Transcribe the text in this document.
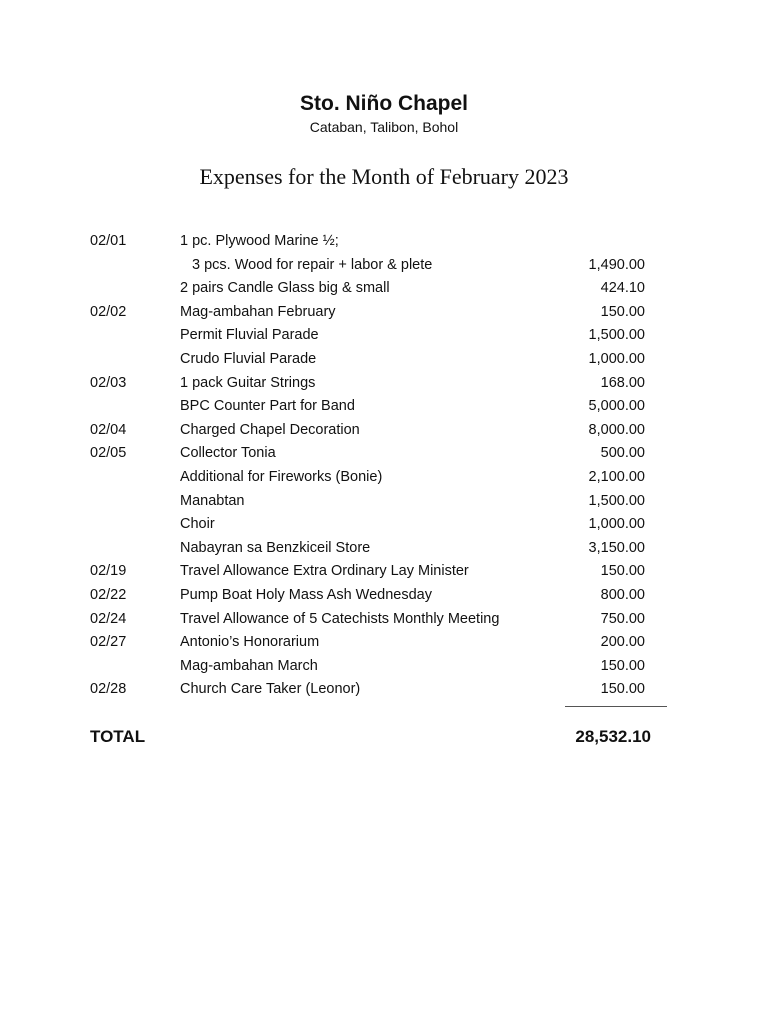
Sto. Niño Chapel
Cataban, Talibon, Bohol
Expenses for the Month of February 2023
02/01	1 pc. Plywood Marine ½;
3 pcs. Wood for repair + labor & plete	1,490.00
2 pairs Candle Glass big & small	424.10
02/02	Mag-ambahan February	150.00
Permit Fluvial Parade	1,500.00
Crudo Fluvial Parade	1,000.00
02/03	1 pack Guitar Strings	168.00
BPC Counter Part for Band	5,000.00
02/04	Charged Chapel Decoration	8,000.00
02/05	Collector Tonia	500.00
Additional for Fireworks (Bonie)	2,100.00
Manabtan	1,500.00
Choir	1,000.00
Nabayran sa Benzkiceil Store	3,150.00
02/19	Travel Allowance Extra Ordinary Lay Minister	150.00
02/22	Pump Boat Holy Mass Ash Wednesday	800.00
02/24	Travel Allowance of 5 Catechists Monthly Meeting	750.00
02/27	Antonio’s Honorarium	200.00
Mag-ambahan March	150.00
02/28	Church Care Taker (Leonor)	150.00
TOTAL	28,532.10
